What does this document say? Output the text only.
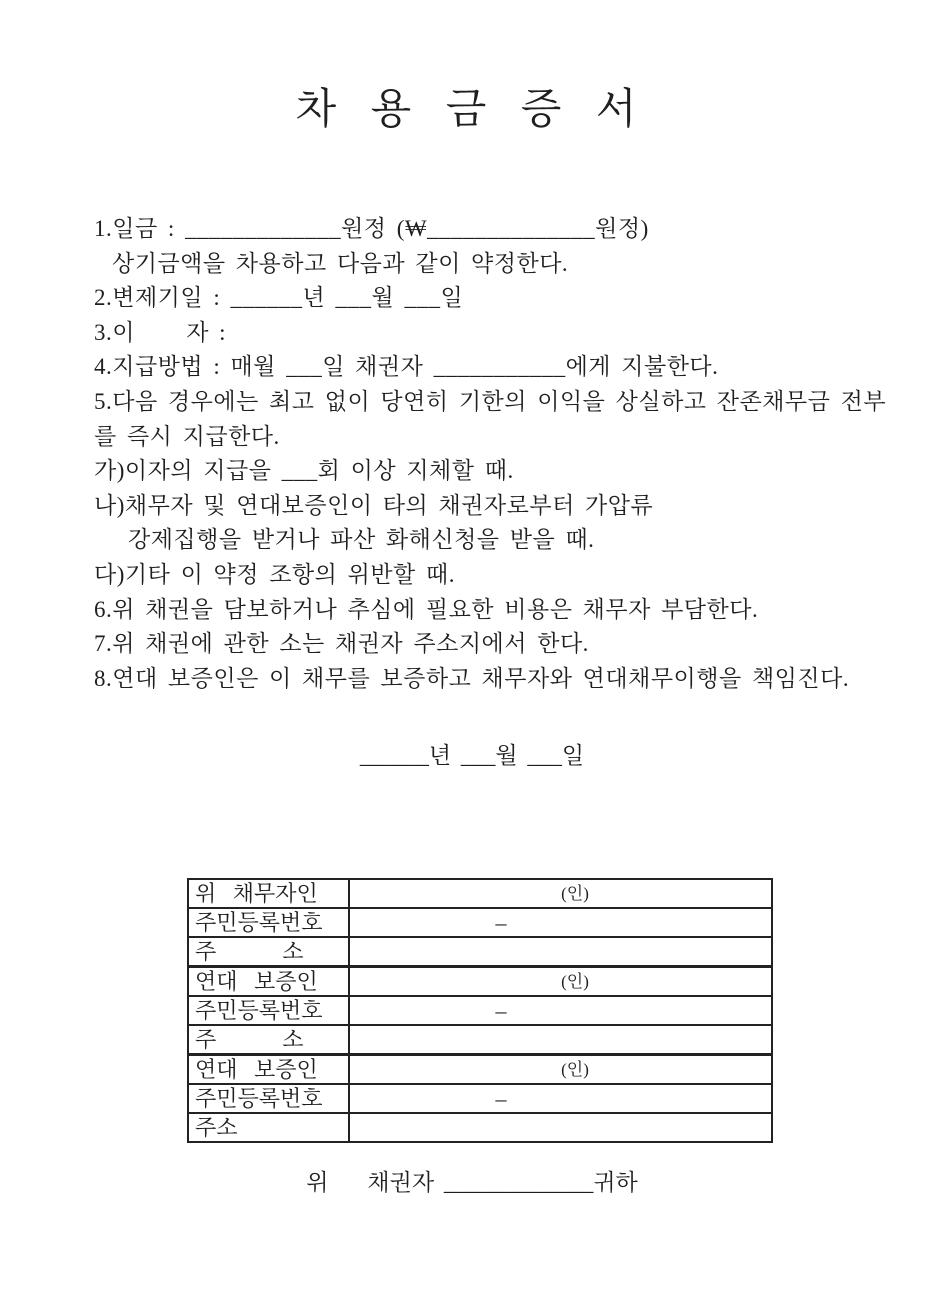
차 용 금 증 서
1.일금 : _____________원정 (₩______________원정)
상기금액을 차용하고 다음과 같이 약정한다.
2.변제기일 : ______년 ___월 ___일
3.이     자 :
4.지급방법 : 매월 ___일 채권자 ___________에게 지불한다.
5.다음 경우에는 최고 없이 당연히 기한의 이익을 상실하고 잔존채무금 전부
를 즉시 지급한다.
가)이자의 지급을 ___회 이상 지체할 때.
나)채무자 및 연대보증인이 타의 채권자로부터 가압류
강제집행을 받거나 파산 화해신청을 받을 때.
다)기타 이 약정 조항의 위반할 때.
6.위 채권을 담보하거나 추심에 필요한 비용은 채무자 부담한다.
7.위 채권에 관한 소는 채권자 주소지에서 한다.
8.연대 보증인은 이 채무를 보증하고 채무자와 연대채무이행을 책임진다.
______년 ___월 ___일
위   채무자인	(인)
주민등록번호	–
주            소	
연대   보증인	(인)
주민등록번호	–
주            소	
연대   보증인	(인)
주민등록번호	–
주소	
위    채권자 _____________귀하
